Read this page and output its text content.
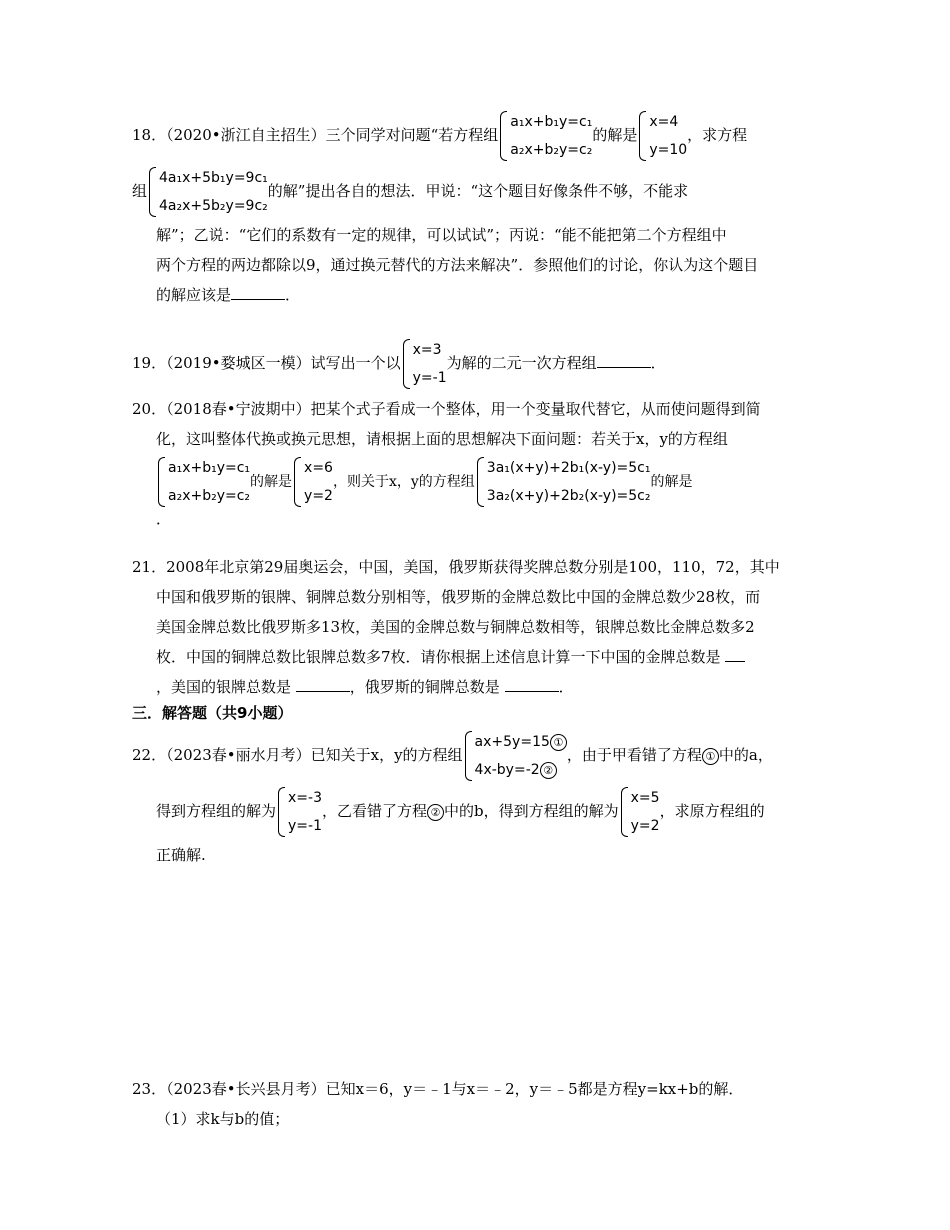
18．（2020•浙江自主招生）三个同学对问题“若方程组
a₁x+b₁y=c₁
a₂x+b₂y=c₂
的解是
x=4
y=10
，求方程
组
4a₁x+5b₁y=9c₁
4a₂x+5b₂y=9c₂
的解”提出各自的想法．甲说：“这个题目好像条件不够，不能求
解”；乙说：“它们的系数有一定的规律，可以试试”；丙说：“能不能把第二个方程组中
两个方程的两边都除以9，通过换元替代的方法来解决”．参照他们的讨论，你认为这个题目
的解应该是	．
19．（2019•婺城区一模）试写出一个以
x=3
y=-1
为解的二元一次方程组	．
20．（2018春•宁波期中）把某个式子看成一个整体，用一个变量取代替它，从而使问题得到简
化，这叫整体代换或换元思想，请根据上面的思想解决下面问题：若关于x，y的方程组
a₁x+b₁y=c₁
a₂x+b₂y=c₂
的解是
x=6
y=2
，则关于x，y的方程组
3a₁(x+y)+2b₁(x-y)=5c₁
3a₂(x+y)+2b₂(x-y)=5c₂
的解是
．
21．2008年北京第29届奥运会，中国，美国，俄罗斯获得奖牌总数分别是100，110，72，其中
中国和俄罗斯的银牌、铜牌总数分别相等，俄罗斯的金牌总数比中国的金牌总数少28枚，而
美国金牌总数比俄罗斯多13枚，美国的金牌总数与铜牌总数相等，银牌总数比金牌总数多2
枚．中国的铜牌总数比银牌总数多7枚．请你根据上述信息计算一下中国的金牌总数是
，美国的银牌总数是	，俄罗斯的铜牌总数是	．
三．解答题（共9小题）
22．（2023春•丽水月考）已知关于x，y的方程组
ax+5y=15 ①
4x-by=-2 ②
，由于甲看错了方程 ① 中的a，
得到方程组的解为
x=-3
y=-1
，乙看错了方程 ② 中的b，得到方程组的解为
x=5
y=2
，求原方程组的
正确解.
23．（2023春•长兴县月考）已知x＝6，y＝﹣1与x＝﹣2，y＝﹣5都是方程y=kx+b的解．
（1）求k与b的值；
